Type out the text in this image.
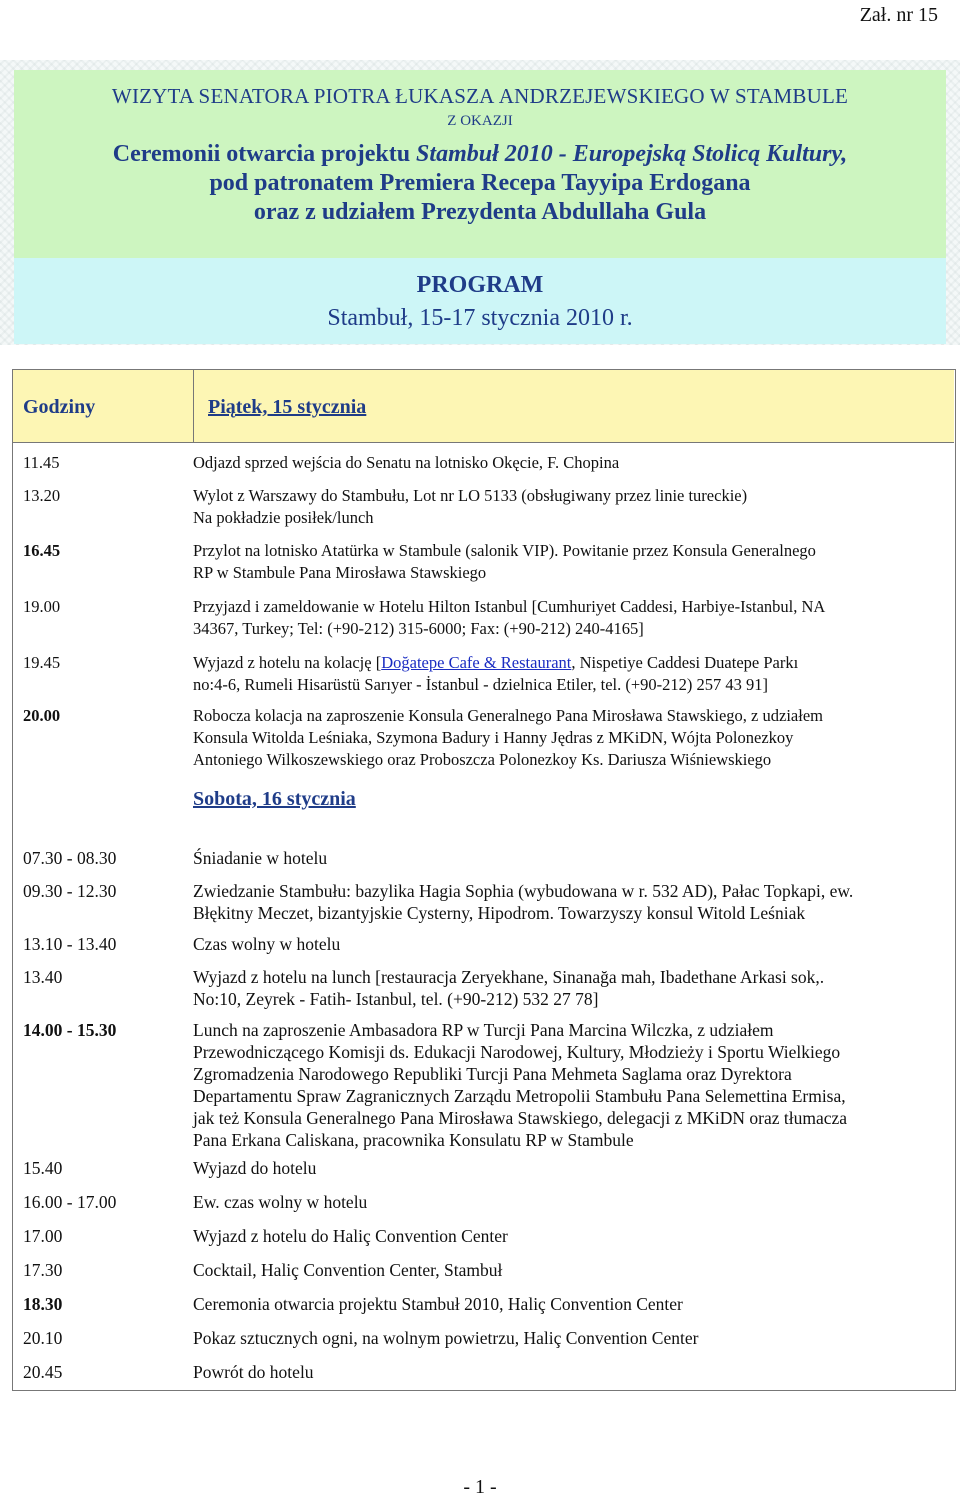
Zał. nr 15
WIZYTA SENATORA PIOTRA ŁUKASZA ANDRZEJEWSKIEGO W STAMBULE
Z OKAZJI
Ceremonii otwarcia projektu Stambuł 2010 - Europejską Stolicą Kultury,
pod patronatem Premiera Recepa Tayyipa Erdogana
oraz z udziałem Prezydenta Abdullaha Gula
PROGRAM
Stambuł, 15-17 stycznia 2010 r.
Godziny	Piątek, 15 stycznia
11.45	Odjazd sprzed wejścia do Senatu na lotnisko Okęcie, F. Chopina
13.20	Wylot z Warszawy do Stambułu, Lot nr LO 5133 (obsługiwany przez linie tureckie)
Na pokładzie posiłek/lunch
16.45	Przylot na lotnisko Atatürka w Stambule (salonik VIP). Powitanie przez Konsula Generalnego
RP w Stambule Pana Mirosława Stawskiego
19.00	Przyjazd i zameldowanie w Hotelu Hilton Istanbul [Cumhuriyet Caddesi, Harbiye-Istanbul, NA
34367, Turkey; Tel: (+90-212) 315-6000; Fax: (+90-212) 240-4165]
19.45	Wyjazd z hotelu na kolację [Doğatepe Cafe & Restaurant, Nispetiye Caddesi Duatepe Parkı
no:4-6, Rumeli Hisarüstü Sarıyer - İstanbul - dzielnica Etiler, tel. (+90-212) 257 43 91]
20.00	Robocza kolacja na zaproszenie Konsula Generalnego Pana Mirosława Stawskiego, z udziałem
Konsula Witolda Leśniaka, Szymona Badury i Hanny Jędras z MKiDN, Wójta Polonezkoy
Antoniego Wilkoszewskiego oraz Proboszcza Polonezkoy Ks. Dariusza Wiśniewskiego
Sobota, 16 stycznia
07.30 - 08.30	Śniadanie w hotelu
09.30 - 12.30	Zwiedzanie Stambułu: bazylika Hagia Sophia (wybudowana w r. 532 AD), Pałac Topkapi, ew.
Błękitny Meczet, bizantyjskie Cysterny, Hipodrom. Towarzyszy konsul Witold Leśniak
13.10 - 13.40	Czas wolny w hotelu
13.40	Wyjazd z hotelu na lunch [restauracja Zeryekhane, Sinanağa mah, Ibadethane Arkasi sok,.
No:10, Zeyrek - Fatih- Istanbul, tel. (+90-212) 532 27 78]
14.00 - 15.30	Lunch na zaproszenie Ambasadora RP w Turcji Pana Marcina Wilczka, z udziałem
Przewodniczącego Komisji ds. Edukacji Narodowej, Kultury, Młodzieży i Sportu Wielkiego
Zgromadzenia Narodowego Republiki Turcji Pana Mehmeta Saglama oraz Dyrektora
Departamentu Spraw Zagranicznych Zarządu Metropolii Stambułu Pana Selemettina Ermisa,
jak też Konsula Generalnego Pana Mirosława Stawskiego, delegacji z MKiDN oraz tłumacza
Pana Erkana Caliskana, pracownika Konsulatu RP w Stambule
15.40	Wyjazd do hotelu
16.00 - 17.00	Ew. czas wolny w hotelu
17.00	Wyjazd z hotelu do Haliç Convention Center
17.30	Cocktail, Haliç Convention Center, Stambuł
18.30	Ceremonia otwarcia projektu Stambuł 2010, Haliç Convention Center
20.10	Pokaz sztucznych ogni, na wolnym powietrzu, Haliç Convention Center
20.45	Powrót do hotelu
- 1 -
